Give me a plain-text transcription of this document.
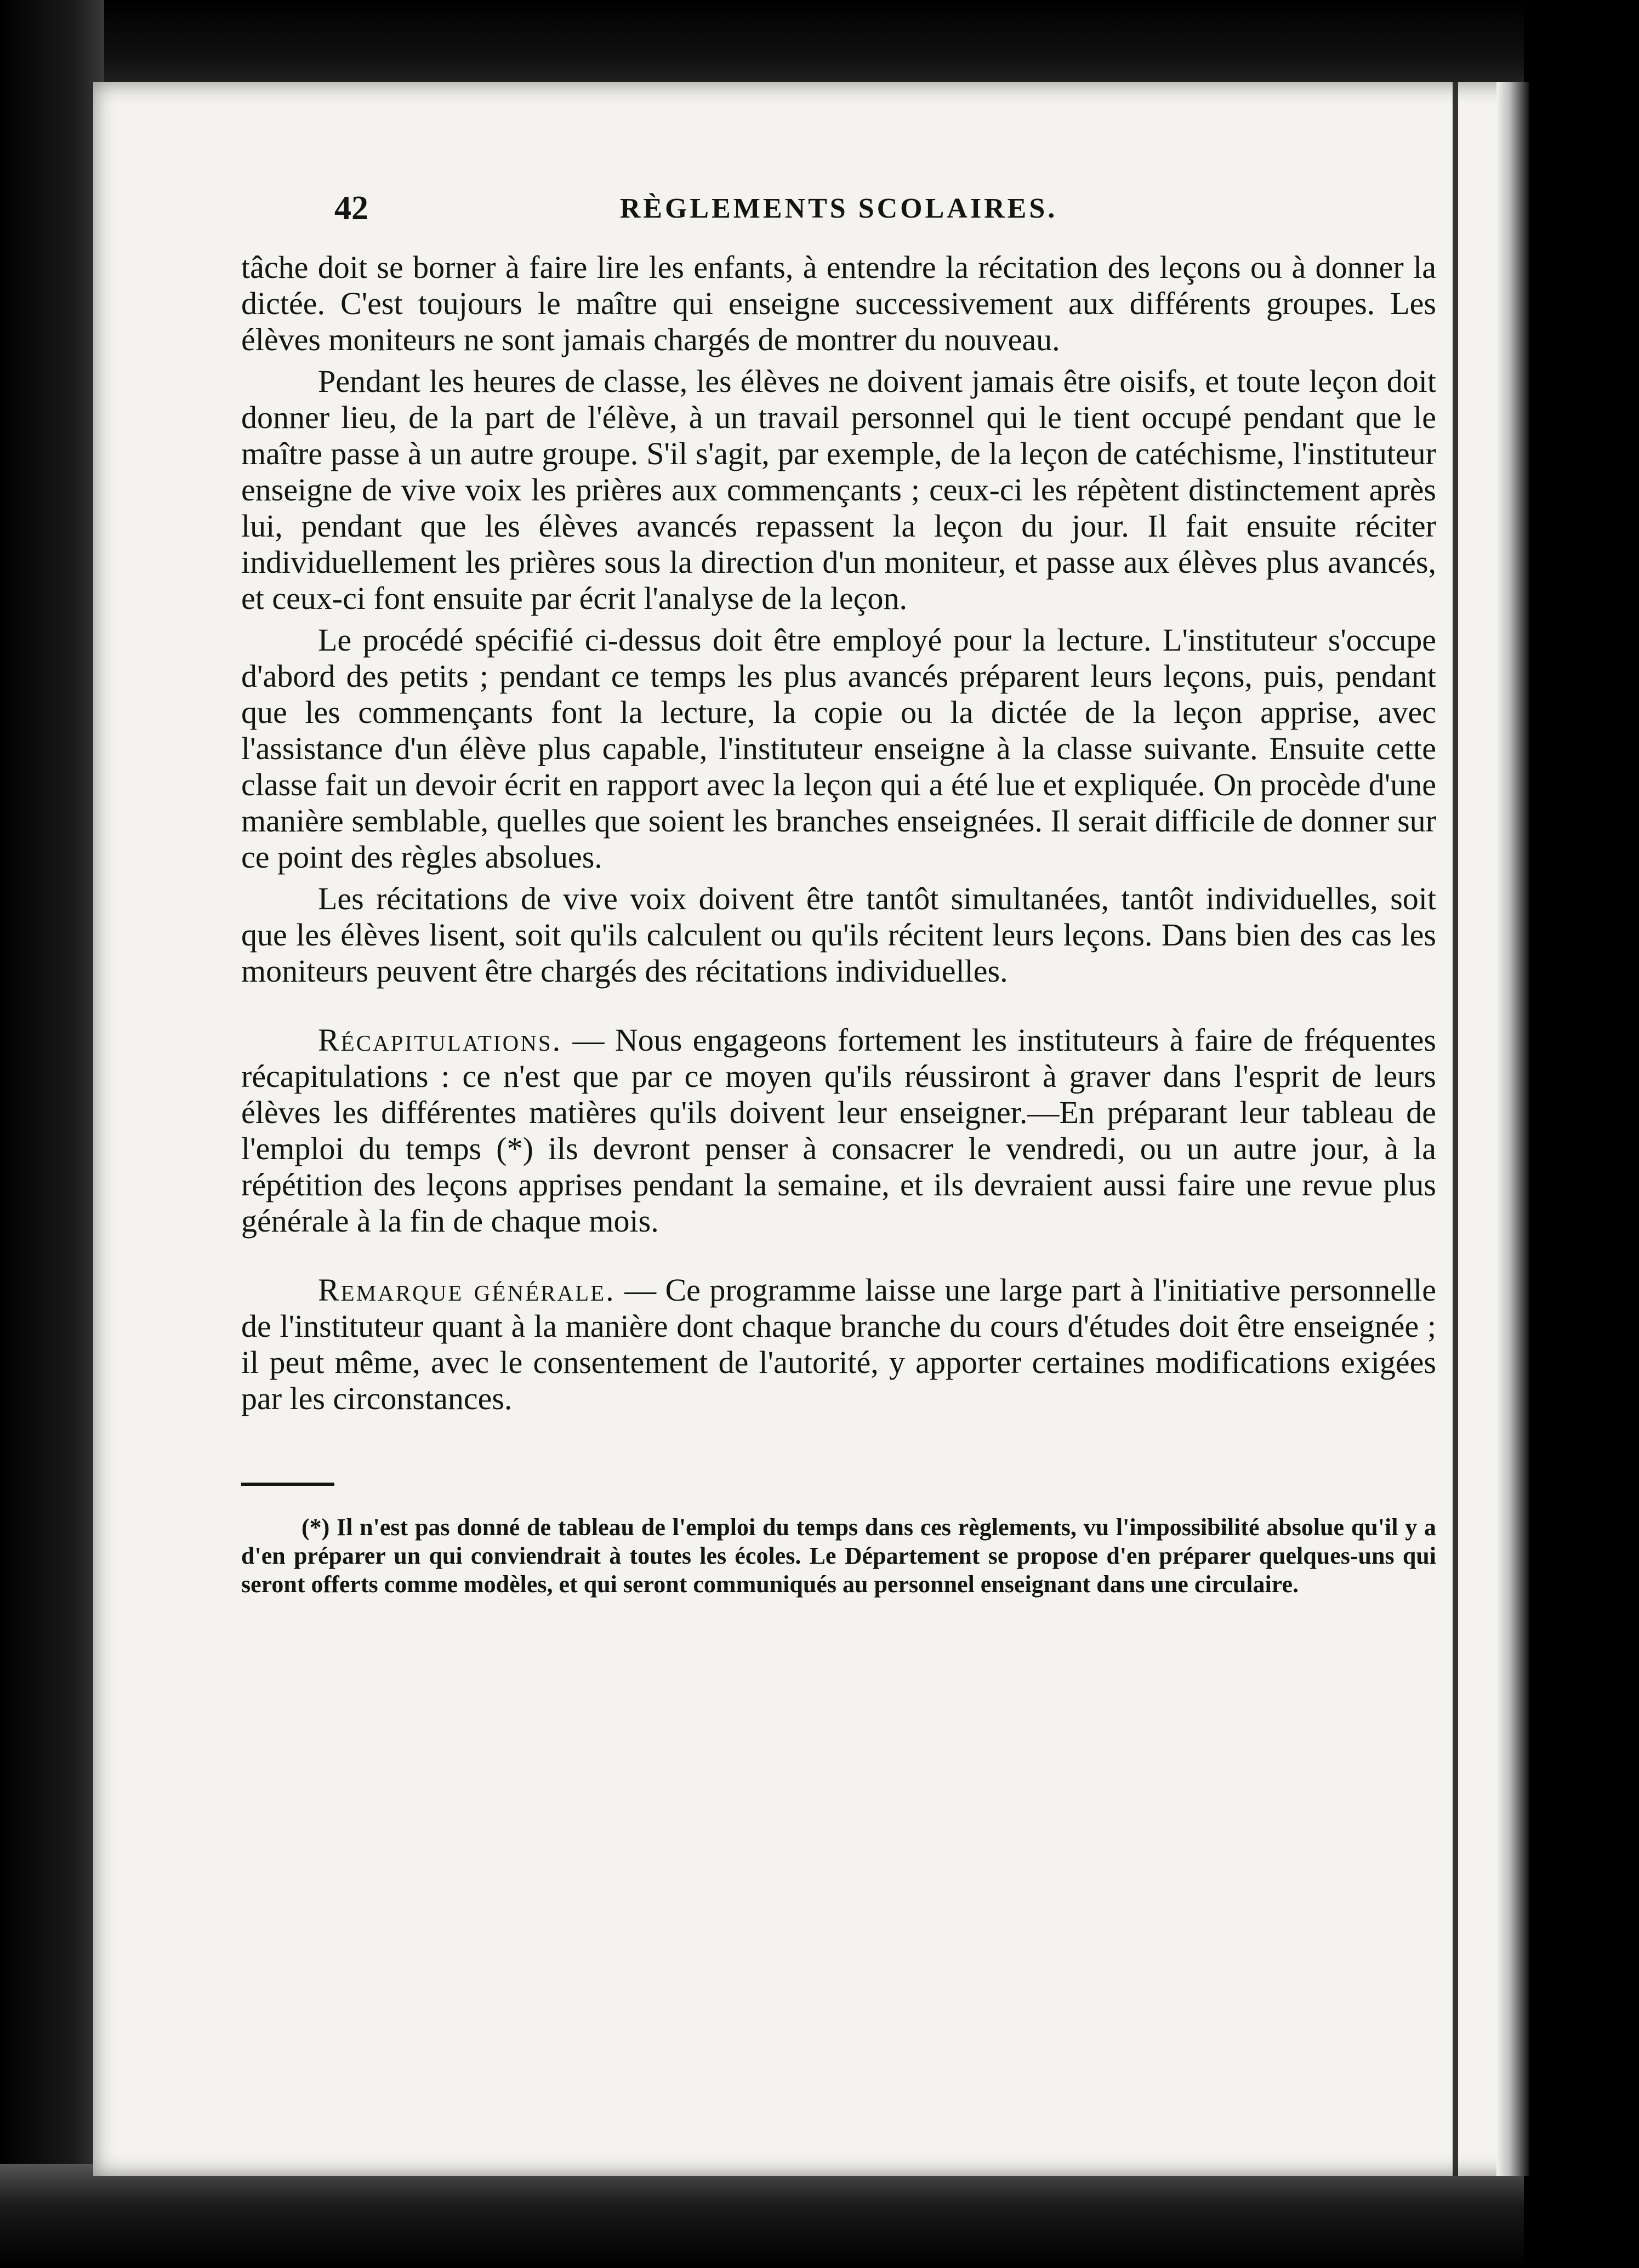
42	RÈGLEMENTS SCOLAIRES.

tâche doit se borner à faire lire les enfants, à entendre la récitation des leçons ou à donner la dictée. C'est toujours le maître qui enseigne successivement aux différents groupes. Les élèves moniteurs ne sont jamais chargés de montrer du nouveau.

Pendant les heures de classe, les élèves ne doivent jamais être oisifs, et toute leçon doit donner lieu, de la part de l'élève, à un travail personnel qui le tient occupé pendant que le maître passe à un autre groupe. S'il s'agit, par exemple, de la leçon de catéchisme, l'instituteur enseigne de vive voix les prières aux commençants ; ceux-ci les répètent distinctement après lui, pendant que les élèves avancés repassent la leçon du jour. Il fait ensuite réciter individuellement les prières sous la direction d'un moniteur, et passe aux élèves plus avancés, et ceux-ci font ensuite par écrit l'analyse de la leçon.

Le procédé spécifié ci-dessus doit être employé pour la lecture. L'instituteur s'occupe d'abord des petits ; pendant ce temps les plus avancés préparent leurs leçons, puis, pendant que les commençants font la lecture, la copie ou la dictée de la leçon apprise, avec l'assistance d'un élève plus capable, l'instituteur enseigne à la classe suivante. Ensuite cette classe fait un devoir écrit en rapport avec la leçon qui a été lue et expliquée. On procède d'une manière semblable, quelles que soient les branches enseignées. Il serait difficile de donner sur ce point des règles absolues.

Les récitations de vive voix doivent être tantôt simultanées, tantôt individuelles, soit que les élèves lisent, soit qu'ils calculent ou qu'ils récitent leurs leçons. Dans bien des cas les moniteurs peuvent être chargés des récitations individuelles.

Récapitulations. — Nous engageons fortement les instituteurs à faire de fréquentes récapitulations : ce n'est que par ce moyen qu'ils réussiront à graver dans l'esprit de leurs élèves les différentes matières qu'ils doivent leur enseigner.—En préparant leur tableau de l'emploi du temps (*) ils devront penser à consacrer le vendredi, ou un autre jour, à la répétition des leçons apprises pendant la semaine, et ils devraient aussi faire une revue plus générale à la fin de chaque mois.

Remarque générale. — Ce programme laisse une large part à l'initiative personnelle de l'instituteur quant à la manière dont chaque branche du cours d'études doit être enseignée ; il peut même, avec le consentement de l'autorité, y apporter certaines modifications exigées par les circonstances.

(*) Il n'est pas donné de tableau de l'emploi du temps dans ces règlements, vu l'impossibilité absolue qu'il y a d'en préparer un qui conviendrait à toutes les écoles. Le Département se propose d'en préparer quelques-uns qui seront offerts comme modèles, et qui seront communiqués au personnel enseignant dans une circulaire.
